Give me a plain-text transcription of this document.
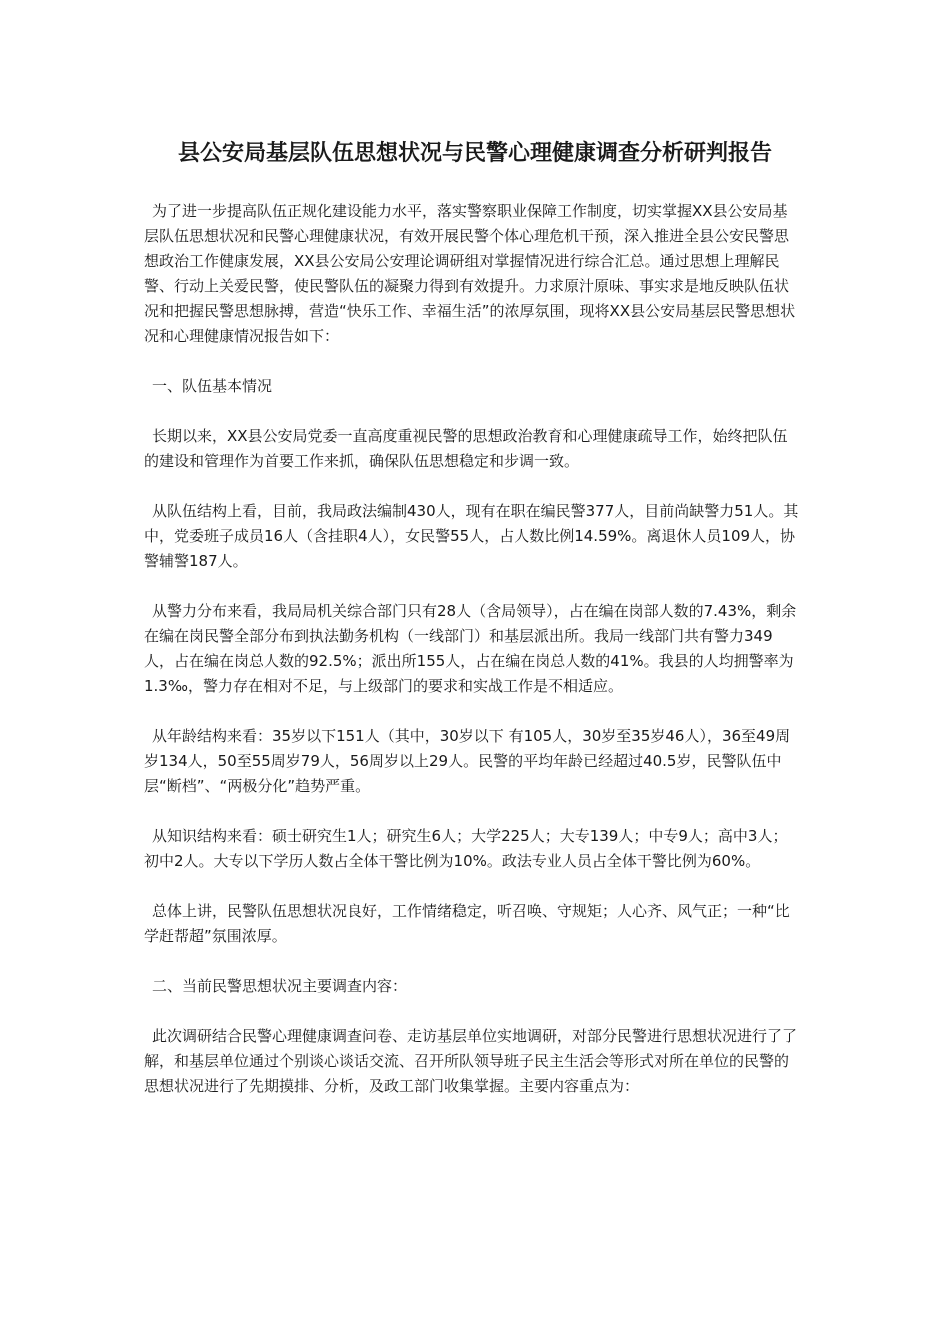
县公安局基层队伍思想状况与民警心理健康调查分析研判报告

为了进一步提高队伍正规化建设能力水平，落实警察职业保障工作制度，切实掌握XX县公安局基层队伍思想状况和民警心理健康状况，有效开展民警个体心理危机干预，深入推进全县公安民警思想政治工作健康发展，XX县公安局公安理论调研组对掌握情况进行综合汇总。通过思想上理解民警、行动上关爱民警，使民警队伍的凝聚力得到有效提升。力求原汁原味、事实求是地反映队伍状况和把握民警思想脉搏，营造“快乐工作、幸福生活”的浓厚氛围，现将XX县公安局基层民警思想状况和心理健康情况报告如下：

一、队伍基本情况

长期以来，XX县公安局党委一直高度重视民警的思想政治教育和心理健康疏导工作，始终把队伍的建设和管理作为首要工作来抓，确保队伍思想稳定和步调一致。

从队伍结构上看，目前，我局政法编制430人，现有在职在编民警377人，目前尚缺警力51人。其中，党委班子成员16人（含挂职4人），女民警55人，占人数比例14.59%。离退休人员109人，协警辅警187人。

从警力分布来看，我局局机关综合部门只有28人（含局领导），占在编在岗部人数的7.43%，剩余在编在岗民警全部分布到执法勤务机构（一线部门）和基层派出所。我局一线部门共有警力349人，占在编在岗总人数的92.5%；派出所155人，占在编在岗总人数的41%。我县的人均拥警率为1.3‰，警力存在相对不足，与上级部门的要求和实战工作是不相适应。

从年龄结构来看：35岁以下151人（其中，30岁以下 有105人，30岁至35岁46人），36至49周岁134人，50至55周岁79人，56周岁以上29人。民警的平均年龄已经超过40.5岁，民警队伍中层“断档”、“两极分化”趋势严重。

从知识结构来看：硕士研究生1人；研究生6人；大学225人；大专139人；中专9人；高中3人；初中2人。大专以下学历人数占全体干警比例为10%。政法专业人员占全体干警比例为60%。

总体上讲，民警队伍思想状况良好，工作情绪稳定，听召唤、守规矩；人心齐、风气正；一种“比学赶帮超”氛围浓厚。

二、当前民警思想状况主要调查内容：

此次调研结合民警心理健康调查问卷、走访基层单位实地调研，对部分民警进行思想状况进行了了解，和基层单位通过个别谈心谈话交流、召开所队领导班子民主生活会等形式对所在单位的民警的思想状况进行了先期摸排、分析，及政工部门收集掌握。主要内容重点为：
